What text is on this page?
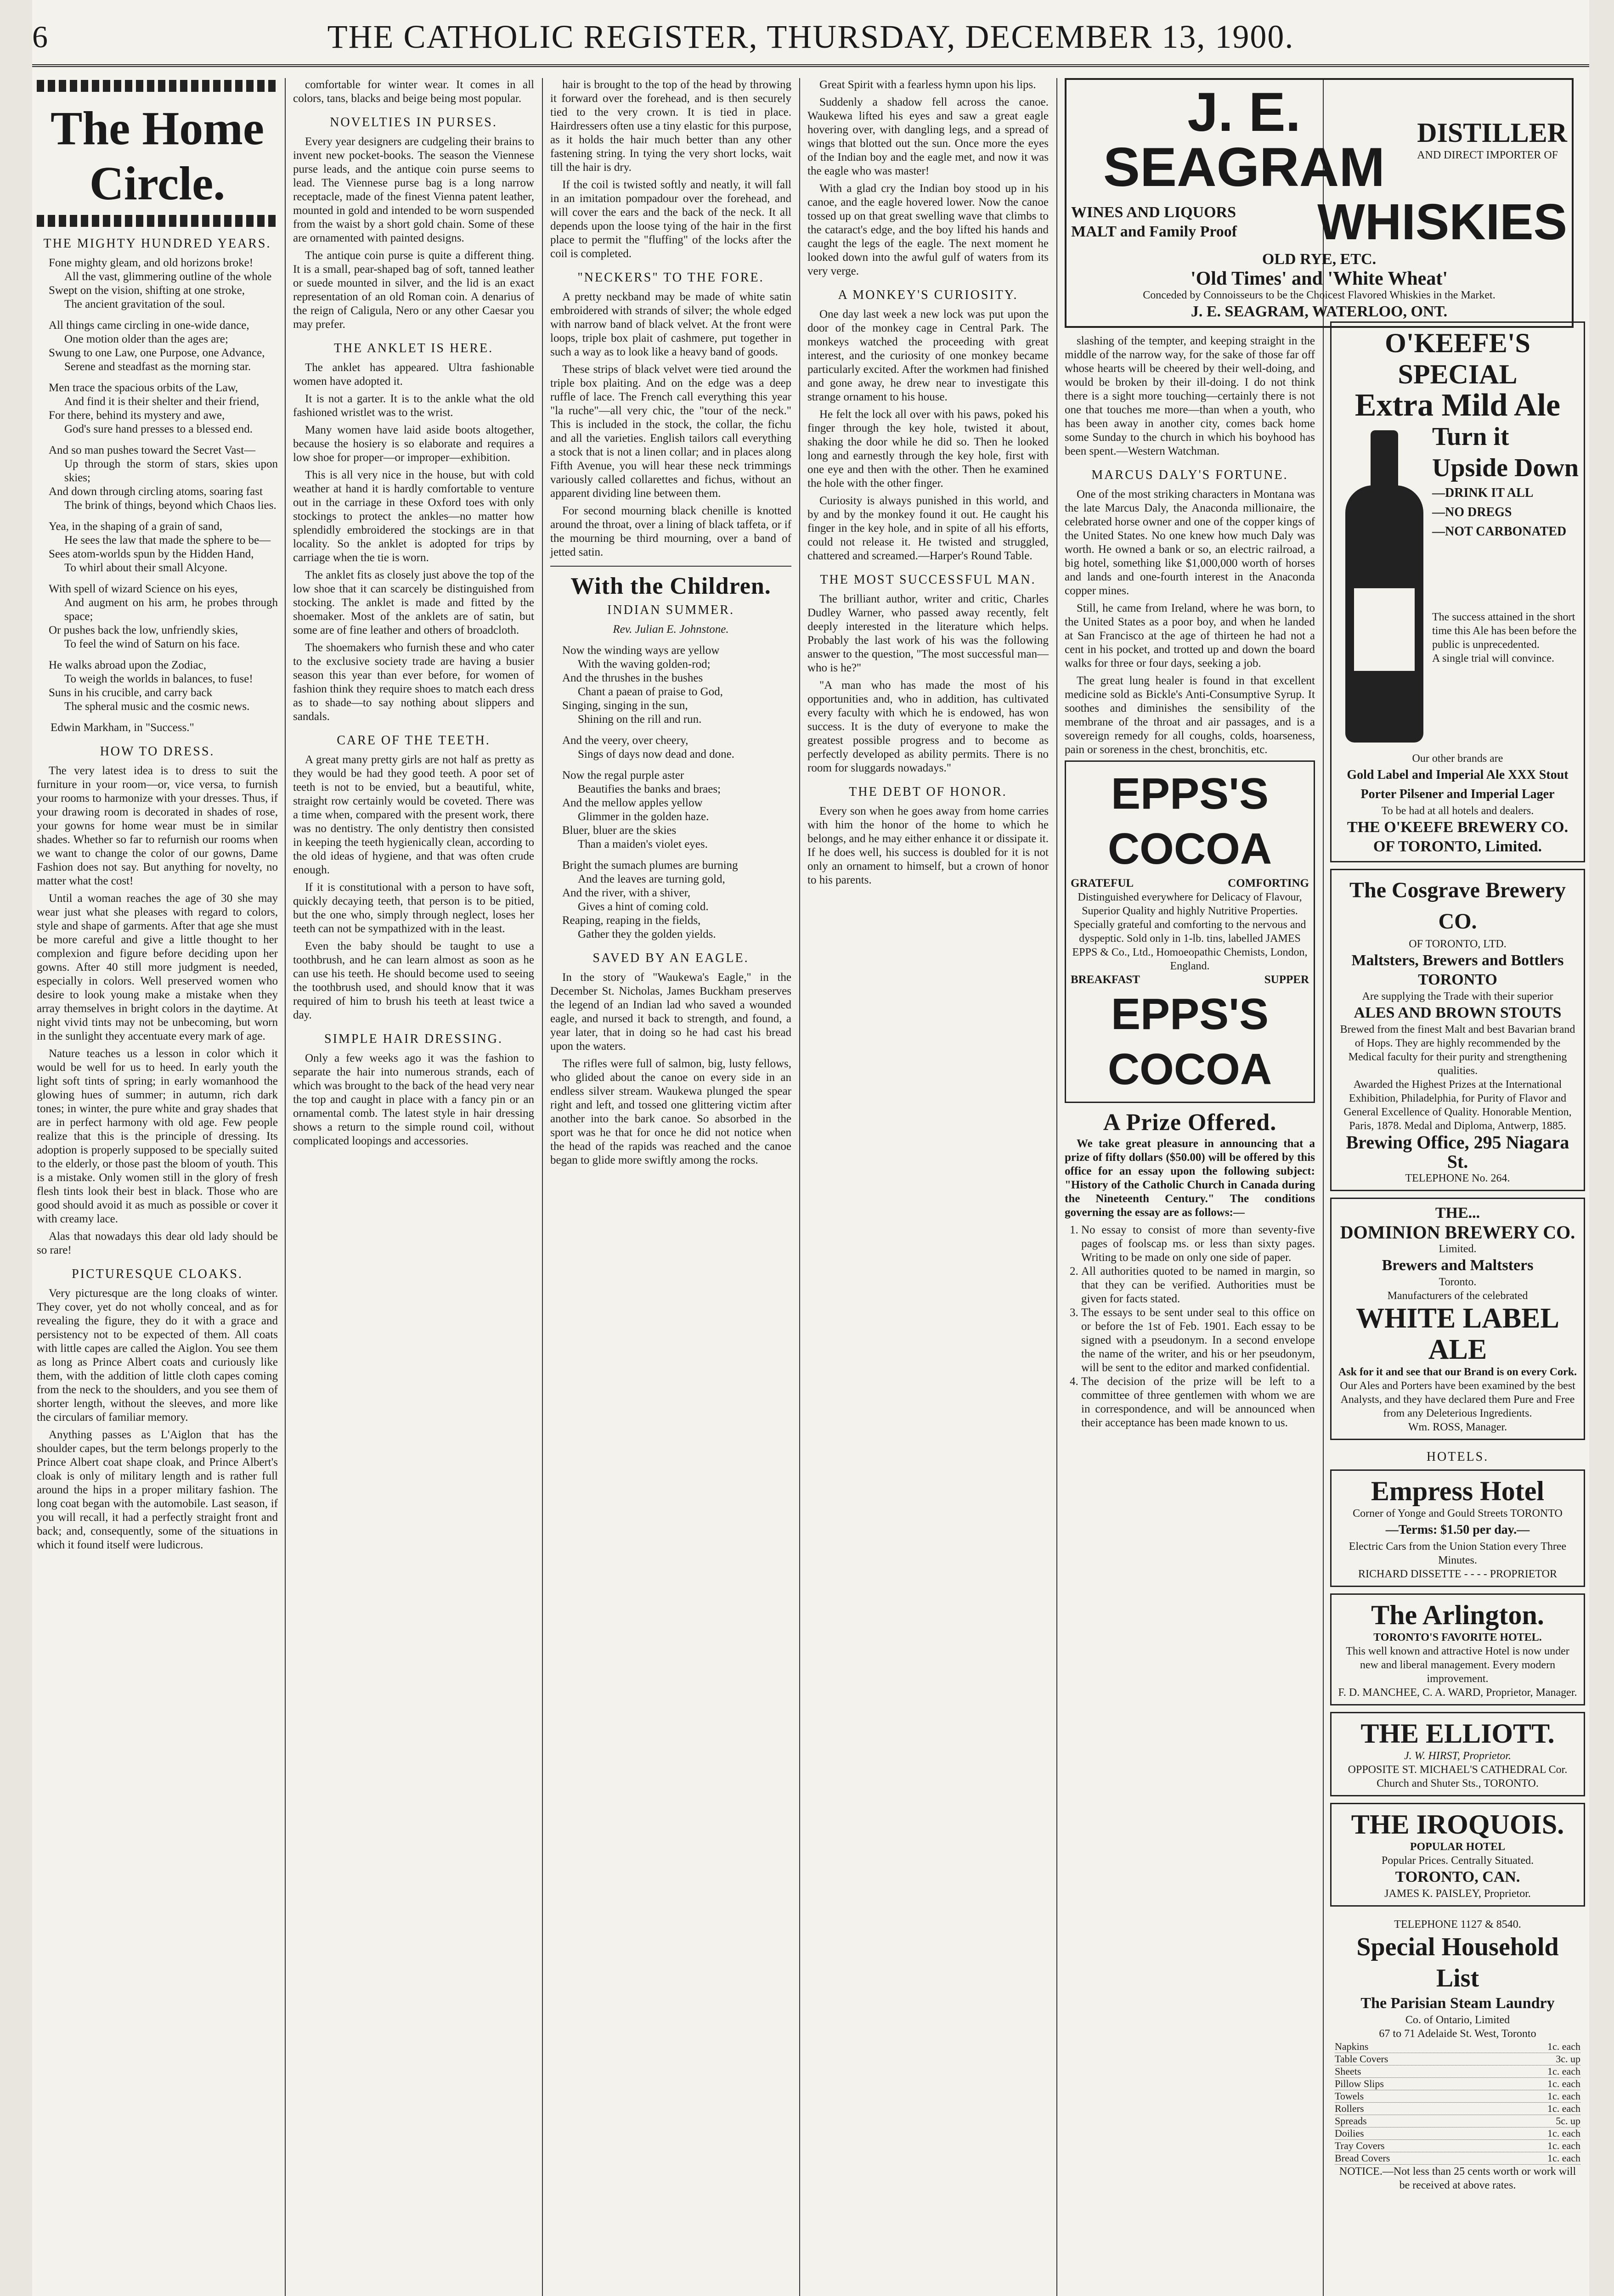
6	THE CATHOLIC REGISTER, THURSDAY, DECEMBER 13, 1900.
The Home Circle.
THE MIGHTY HUNDRED YEARS.

Fone mighty gleam, and old horizons broke!

All the vast, glimmering outline of the whole

Swept on the vision, shifting at one stroke,

The ancient gravitation of the soul.

All things came circling in one-wide dance,

One motion older than the ages are;

Swung to one Law, one Purpose, one Advance,

Serene and steadfast as the morning star.

Men trace the spacious orbits of the Law,

And find it is their shelter and their friend,

For there, behind its mystery and awe,

God's sure hand presses to a blessed end.

And so man pushes toward the Secret Vast—

Up through the storm of stars, skies upon skies;

And down through circling atoms, soaring fast

The brink of things, beyond which Chaos lies.

Yea, in the shaping of a grain of sand,

He sees the law that made the sphere to be—

Sees atom-worlds spun by the Hidden Hand,

To whirl about their small Alcyone.

With spell of wizard Science on his eyes,

And augment on his arm, he probes through space;

Or pushes back the low, unfriendly skies,

To feel the wind of Saturn on his face.

He walks abroad upon the Zodiac,

To weigh the worlds in balances, to fuse!

Suns in his crucible, and carry back

The spheral music and the cosmic news.

Edwin Markham, in "Success."
HOW TO DRESS.

The very latest idea is to dress to suit the furniture in your room—or, vice versa, to furnish your rooms to harmonize with your dresses. Thus, if your drawing room is decorated in shades of rose, your gowns for home wear must be in similar shades. Whether so far to refurnish our rooms when we want to change the color of our gowns, Dame Fashion does not say. But anything for novelty, no matter what the cost!

Until a woman reaches the age of 30 she may wear just what she pleases with regard to colors, style and shape of garments. After that age she must be more careful and give a little thought to her complexion and figure before deciding upon her gowns. After 40 still more judgment is needed, especially in colors. Well preserved women who desire to look young make a mistake when they array themselves in bright colors in the daytime. At night vivid tints may not be unbecoming, but worn in the sunlight they accentuate every mark of age.

Nature teaches us a lesson in color which it would be well for us to heed. In early youth the light soft tints of spring; in early womanhood the glowing hues of summer; in autumn, rich dark tones; in winter, the pure white and gray shades that are in perfect harmony with old age. Few people realize that this is the principle of dressing. Its adoption is properly supposed to be specially suited to the elderly, or those past the bloom of youth. This is a mistake. Only women still in the glory of fresh flesh tints look their best in black. Those who are good should avoid it as much as possible or cover it with creamy lace.

Alas that nowadays this dear old lady should be so rare!

PICTURESQUE CLOAKS.

Very picturesque are the long cloaks of winter. They cover, yet do not wholly conceal, and as for revealing the figure, they do it with a grace and persistency not to be expected of them. All coats with little capes are called the Aiglon. You see them as long as Prince Albert coats and curiously like them, with the addition of little cloth capes coming from the neck to the shoulders, and you see them of shorter length, without the sleeves, and more like the circulars of familiar memory.

Anything passes as L'Aiglon that has the shoulder capes, but the term belongs properly to the Prince Albert coat shape cloak, and Prince Albert's cloak is only of military length and is rather full around the hips in a proper military fashion. The long coat began with the automobile. Last season, if you will recall, it had a perfectly straight front and back; and, consequently, some of the situations in which it found itself were ludicrous.

comfortable for winter wear. It comes in all colors, tans, blacks and beige being most popular.

NOVELTIES IN PURSES.

Every year designers are cudgeling their brains to invent new pocket-books. The season the Viennese purse leads, and the antique coin purse seems to lead. The Viennese purse bag is a long narrow receptacle, made of the finest Vienna patent leather, mounted in gold and intended to be worn suspended from the waist by a short gold chain. Some of these are ornamented with painted designs.

The antique coin purse is quite a different thing. It is a small, pear-shaped bag of soft, tanned leather or suede mounted in silver, and the lid is an exact representation of an old Roman coin. A denarius of the reign of Caligula, Nero or any other Caesar you may prefer.

THE ANKLET IS HERE.

The anklet has appeared. Ultra fashionable women have adopted it.

It is not a garter. It is to the ankle what the old fashioned wristlet was to the wrist.

Many women have laid aside boots altogether, because the hosiery is so elaborate and requires a low shoe for proper—or improper—exhibition.

This is all very nice in the house, but with cold weather at hand it is hardly comfortable to venture out in the carriage in these Oxford toes with only stockings to protect the ankles—no matter how splendidly embroidered the stockings are in that locality. So the anklet is adopted for trips by carriage when the tie is worn.

The anklet fits as closely just above the top of the low shoe that it can scarcely be distinguished from stocking. The anklet is made and fitted by the shoemaker. Most of the anklets are of satin, but some are of fine leather and others of broadcloth.

The shoemakers who furnish these and who cater to the exclusive society trade are having a busier season this year than ever before, for women of fashion think they require shoes to match each dress as to shade—to say nothing about slippers and sandals.

CARE OF THE TEETH.

A great many pretty girls are not half as pretty as they would be had they good teeth. A poor set of teeth is not to be envied, but a beautiful, white, straight row certainly would be coveted. There was a time when, compared with the present work, there was no dentistry. The only dentistry then consisted in keeping the teeth hygienically clean, according to the old ideas of hygiene, and that was often crude enough.

If it is constitutional with a person to have soft, quickly decaying teeth, that person is to be pitied, but the one who, simply through neglect, loses her teeth can not be sympathized with in the least.

Even the baby should be taught to use a toothbrush, and he can learn almost as soon as he can use his teeth. He should become used to seeing the toothbrush used, and should know that it was required of him to brush his teeth at least twice a day.

SIMPLE HAIR DRESSING.

Only a few weeks ago it was the fashion to separate the hair into numerous strands, each of which was brought to the back of the head very near the top and caught in place with a fancy pin or an ornamental comb. The latest style in hair dressing shows a return to the simple round coil, without complicated loopings and accessories.

hair is brought to the top of the head by throwing it forward over the forehead, and is then securely tied to the very crown. It is tied in place. Hairdressers often use a tiny elastic for this purpose, as it holds the hair much better than any other fastening string. In tying the very short locks, wait till the hair is dry.

If the coil is twisted softly and neatly, it will fall in an imitation pompadour over the forehead, and will cover the ears and the back of the neck. It all depends upon the loose tying of the hair in the first place to permit the "fluffing" of the locks after the coil is completed.

"NECKERS" TO THE FORE.

A pretty neckband may be made of white satin embroidered with strands of silver; the whole edged with narrow band of black velvet. At the front were loops, triple box plait of cashmere, put together in such a way as to look like a heavy band of goods.

These strips of black velvet were tied around the triple box plaiting. And on the edge was a deep ruffle of lace. The French call everything this year "la ruche"—all very chic, the "tour of the neck." This is included in the stock, the collar, the fichu and all the varieties. English tailors call everything a stock that is not a linen collar; and in places along Fifth Avenue, you will hear these neck trimmings variously called collarettes and fichus, without an apparent dividing line between them.

For second mourning black chenille is knotted around the throat, over a lining of black taffeta, or if the mourning be third mourning, over a band of jetted satin.

With the Children.
INDIAN SUMMER.
Rev. Julian E. Johnstone.

Now the winding ways are yellow

With the waving golden-rod;

And the thrushes in the bushes

Chant a paean of praise to God,

Singing, singing in the sun,

Shining on the rill and run.

And the veery, over cheery,

Sings of days now dead and done.

Now the regal purple aster

Beautifies the banks and braes;

And the mellow apples yellow

Glimmer in the golden haze.

Bluer, bluer are the skies

Than a maiden's violet eyes.

Bright the sumach plumes are burning

And the leaves are turning gold,

And the river, with a shiver,

Gives a hint of coming cold.

Reaping, reaping in the fields,

Gather they the golden yields.

SAVED BY AN EAGLE.

In the story of "Waukewa's Eagle," in the December St. Nicholas, James Buckham preserves the legend of an Indian lad who saved a wounded eagle, and nursed it back to strength, and found, a year later, that in doing so he had cast his bread upon the waters.

The rifles were full of salmon, big, lusty fellows, who glided about the canoe on every side in an endless silver stream. Waukewa plunged the spear right and left, and tossed one glittering victim after another into the bark canoe. So absorbed in the sport was he that for once he did not notice when the head of the rapids was reached and the canoe began to glide more swiftly among the rocks.

Great Spirit with a fearless hymn upon his lips.

Suddenly a shadow fell across the canoe. Waukewa lifted his eyes and saw a great eagle hovering over, with dangling legs, and a spread of wings that blotted out the sun. Once more the eyes of the Indian boy and the eagle met, and now it was the eagle who was master!

With a glad cry the Indian boy stood up in his canoe, and the eagle hovered lower. Now the canoe tossed up on that great swelling wave that climbs to the cataract's edge, and the boy lifted his hands and caught the legs of the eagle. The next moment he looked down into the awful gulf of waters from its very verge.

A MONKEY'S CURIOSITY.

One day last week a new lock was put upon the door of the monkey cage in Central Park. The monkeys watched the proceeding with great interest, and the curiosity of one monkey became particularly excited. After the workmen had finished and gone away, he drew near to investigate this strange ornament to his house.

He felt the lock all over with his paws, poked his finger through the key hole, twisted it about, shaking the door while he did so. Then he looked long and earnestly through the key hole, first with one eye and then with the other. Then he examined the hole with the other finger.

Curiosity is always punished in this world, and by and by the monkey found it out. He caught his finger in the key hole, and in spite of all his efforts, could not release it. He twisted and struggled, chattered and screamed.—Harper's Round Table.

THE MOST SUCCESSFUL MAN.

The brilliant author, writer and critic, Charles Dudley Warner, who passed away recently, felt deeply interested in the literature which helps. Probably the last work of his was the following answer to the question, "The most successful man—who is he?"

"A man who has made the most of his opportunities and, who in addition, has cultivated every faculty with which he is endowed, has won success. It is the duty of everyone to make the greatest possible progress and to become as perfectly developed as ability permits. There is no room for sluggards nowadays."

THE DEBT OF HONOR.

Every son when he goes away from home carries with him the honor of the home to which he belongs, and he may either enhance it or dissipate it. If he does well, his success is doubled for it is not only an ornament to himself, but a crown of honor to his parents.

J. E. SEAGRAM
DISTILLER
AND DIRECT IMPORTER OF
WINES AND LIQUORS
MALT and Family Proof WHISKIES
OLD RYE, ETC.
'Old Times' and 'White Wheat'
Conceded by Connoisseurs to be the Choicest Flavored Whiskies in the Market.
J. E. SEAGRAM, WATERLOO, ONT.

slashing of the tempter, and keeping straight in the middle of the narrow way, for the sake of those far off whose hearts will be cheered by their well-doing, and would be broken by their ill-doing. I do not think there is a sight more touching—certainly there is not one that touches me more—than when a youth, who has been away in another city, comes back home some Sunday to the church in which his boyhood has been spent.—Western Watchman.

MARCUS DALY'S FORTUNE.

One of the most striking characters in Montana was the late Marcus Daly, the Anaconda millionaire, the celebrated horse owner and one of the copper kings of the United States. No one knew how much Daly was worth. He owned a bank or so, an electric railroad, a big hotel, something like $1,000,000 worth of horses and lands and one-fourth interest in the Anaconda copper mines.

Still, he came from Ireland, where he was born, to the United States as a poor boy, and when he landed at San Francisco at the age of thirteen he had not a cent in his pocket, and trotted up and down the board walks for three or four days, seeking a job.

The great lung healer is found in that excellent medicine sold as Bickle's Anti-Consumptive Syrup. It soothes and diminishes the sensibility of the membrane of the throat and air passages, and is a sovereign remedy for all coughs, colds, hoarseness, pain or soreness in the chest, bronchitis, etc.

EPPS'S COCOA
GRATEFUL	COMFORTING
Distinguished everywhere for Delicacy of Flavour, Superior Quality and highly Nutritive Properties. Specially grateful and comforting to the nervous and dyspeptic. Sold only in 1-lb. tins, labelled JAMES EPPS & Co., Ltd., Homoeopathic Chemists, London, England.
BREAKFAST	SUPPER
EPPS'S COCOA
A Prize Offered.

We take great pleasure in announcing that a prize of fifty dollars ($50.00) will be offered by this office for an essay upon the following subject: "History of the Catholic Church in Canada during the Nineteenth Century." The conditions governing the essay are as follows:—

1. No essay to consist of more than seventy-five pages of foolscap ms. or less than sixty pages. Writing to be made on only one side of paper.
2. All authorities quoted to be named in margin, so that they can be verified. Authorities must be given for facts stated.
3. The essays to be sent under seal to this office on or before the 1st of Feb. 1901. Each essay to be signed with a pseudonym. In a second envelope the name of the writer, and his or her pseudonym, will be sent to the editor and marked confidential.
4. The decision of the prize will be left to a committee of three gentlemen with whom we are in correspondence, and will be announced when their acceptance has been made known to us.
O'KEEFE'S SPECIAL
Extra Mild Ale
Turn it Upside Down
—DRINK IT ALL
—NO DREGS
—NOT CARBONATED
The success attained in the short time this Ale has been before the public is unprecedented.
A single trial will convince.
Our other brands are
Gold Label and Imperial Ale XXX Stout Porter Pilsener and Imperial Lager
To be had at all hotels and dealers.
THE O'KEEFE BREWERY CO. OF TORONTO, Limited.
The Cosgrave Brewery CO.
OF TORONTO, LTD.
Maltsters, Brewers and Bottlers
TORONTO
Are supplying the Trade with their superior
ALES AND BROWN STOUTS
Brewed from the finest Malt and best Bavarian brand of Hops. They are highly recommended by the Medical faculty for their purity and strengthening qualities.
Awarded the Highest Prizes at the International Exhibition, Philadelphia, for Purity of Flavor and General Excellence of Quality. Honorable Mention, Paris, 1878. Medal and Diploma, Antwerp, 1885.
Brewing Office, 295 Niagara St.
TELEPHONE No. 264.
THE...
DOMINION BREWERY CO.
Limited.
Brewers and Maltsters
Toronto.
Manufacturers of the celebrated
WHITE LABEL ALE
Ask for it and see that our Brand is on every Cork.
Our Ales and Porters have been examined by the best Analysts, and they have declared them Pure and Free from any Deleterious Ingredients.
Wm. ROSS, Manager.
HOTELS.
Empress Hotel
Corner of Yonge and Gould Streets TORONTO
—Terms: $1.50 per day.—
Electric Cars from the Union Station every Three Minutes.
RICHARD DISSETTE - - - - PROPRIETOR
The Arlington.
TORONTO'S FAVORITE HOTEL.
This well known and attractive Hotel is now under new and liberal management. Every modern improvement.
F. D. MANCHEE, C. A. WARD, Proprietor, Manager.
THE ELLIOTT.
J. W. HIRST, Proprietor.
OPPOSITE ST. MICHAEL'S CATHEDRAL Cor. Church and Shuter Sts., TORONTO.
THE IROQUOIS.
POPULAR HOTEL
Popular Prices. Centrally Situated.
TORONTO, CAN.
JAMES K. PAISLEY, Proprietor.
TELEPHONE 1127 & 8540.
Special Household List
The Parisian Steam Laundry
Co. of Ontario, Limited
67 to 71 Adelaide St. West, Toronto
Napkins	1c. each
Table Covers	3c. up
Sheets	1c. each
Pillow Slips	1c. each
Towels	1c. each
Rollers	1c. each
Spreads	5c. up
Doilies	1c. each
Tray Covers	1c. each
Bread Covers	1c. each
NOTICE.—Not less than 25 cents worth or work will be received at above rates.
